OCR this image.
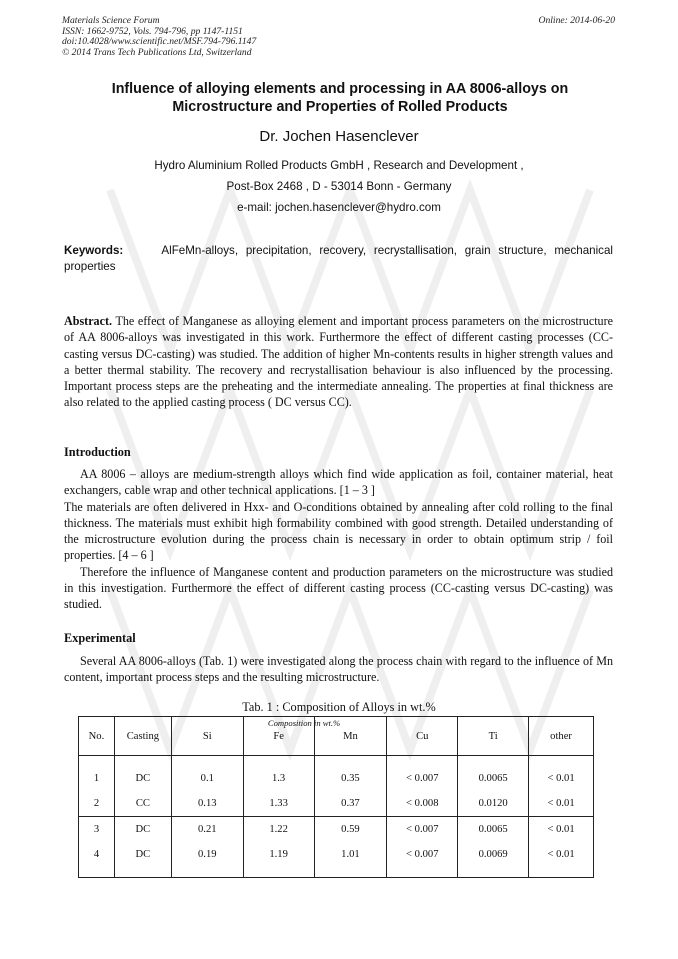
Materials Science Forum
ISSN: 1662-9752, Vols. 794-796, pp 1147-1151
doi:10.4028/www.scientific.net/MSF.794-796.1147
© 2014 Trans Tech Publications Ltd, Switzerland
Online: 2014-06-20
Influence of alloying elements and processing in AA 8006-alloys on
Microstructure and Properties of Rolled Products
Dr. Jochen Hasenclever
Hydro Aluminium Rolled Products GmbH , Research and Development ,
Post-Box 2468 , D - 53014 Bonn - Germany
e-mail: jochen.hasenclever@hydro.com
Keywords:	AlFeMn-alloys, precipitation, recovery, recrystallisation, grain structure, mechanical properties
Abstract. The effect of Manganese as alloying element and important process parameters on the microstructure of AA 8006-alloys was investigated in this work. Furthermore the effect of different casting processes (CC-casting versus DC-casting) was studied. The addition of higher Mn-contents results in higher strength values and a better thermal stability. The recovery and recrystallisation behaviour is also influenced by the processing. Important process steps are the preheating and the intermediate annealing. The properties at final thickness are also related to the applied casting process ( DC versus CC).
Introduction
AA 8006 – alloys are medium-strength alloys which find wide application as foil, container material, heat exchangers, cable wrap and other technical applications. [1 – 3 ]
The materials are often delivered in Hxx- and O-conditions obtained by annealing after cold rolling to the final thickness. The materials must exhibit high formability combined with good strength. Detailed understanding of the microstructure evolution during the process chain is necessary in order to obtain optimum strip / foil properties. [4 – 6 ]
Therefore the influence of Manganese content and production parameters on the microstructure was studied in this investigation. Furthermore the effect of different casting process (CC-casting versus DC-casting) was studied.
Experimental
Several AA 8006-alloys (Tab. 1) were investigated along the process chain with regard to the influence of Mn content, important process steps and the resulting microstructure.
Tab. 1 : Composition of Alloys in wt.%
No.	Casting	Composition in wt.%
Si	Fe	Mn	Cu	Ti	other

1	DC	0.1	1.3	0.35	< 0.007	0.0065	< 0.01
2	CC	0.13	1.33	0.37	< 0.008	0.0120	< 0.01
3	DC	0.21	1.22	0.59	< 0.007	0.0065	< 0.01
4	DC	0.19	1.19	1.01	< 0.007	0.0069	< 0.01
